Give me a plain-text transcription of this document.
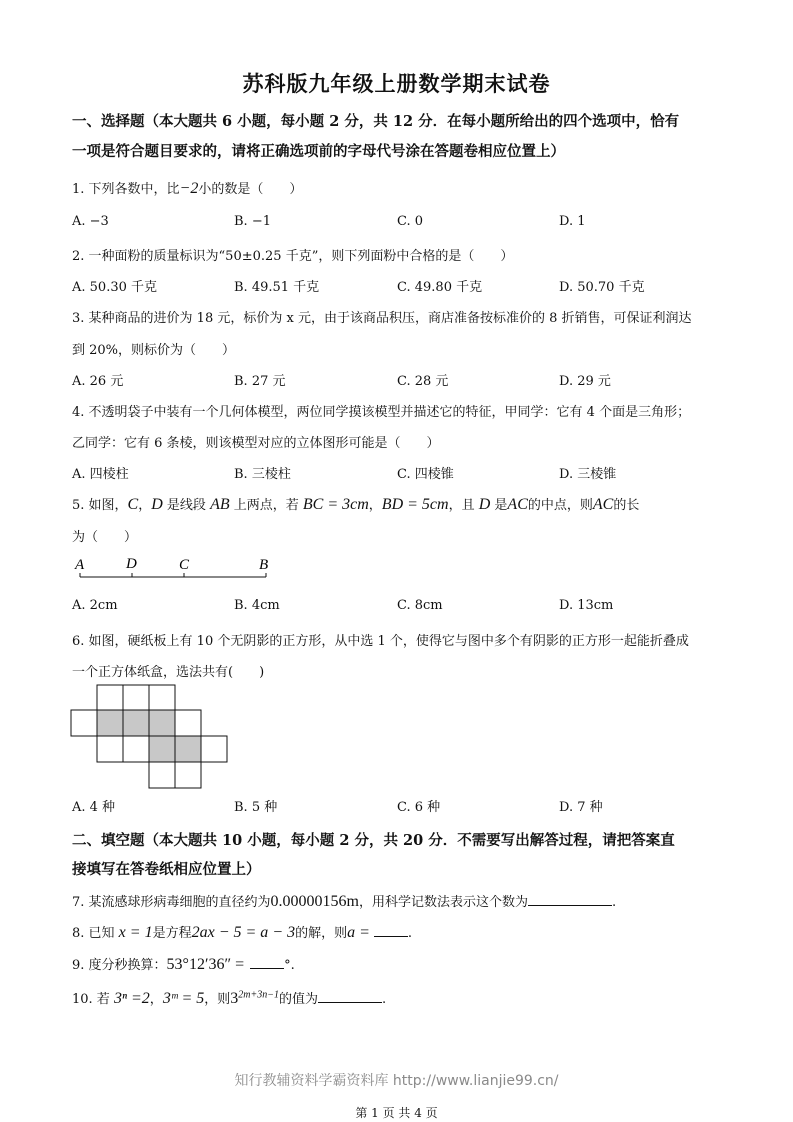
苏科版九年级上册数学期末试卷
一、选择题（本大题共 6 小题，每小题 2 分，共 12 分．在每小题所给出的四个选项中，恰有
一项是符合题目要求的，请将正确选项前的字母代号涂在答题卷相应位置上）
1. 下列各数中，比−2小的数是（　　）
A. −3	B. −1	C. 0	D. 1
2. 一种面粉的质量标识为“50±0.25 千克”，则下列面粉中合格的是（　　）
A. 50.30 千克	B. 49.51 千克	C. 49.80 千克	D. 50.70 千克
3. 某种商品的进价为 18 元，标价为 x 元，由于该商品积压，商店准备按标准价的 8 折销售，可保证利润达
到 20%，则标价为（　　）
A. 26 元	B. 27 元	C. 28 元	D. 29 元
4. 不透明袋子中装有一个几何体模型，两位同学摸该模型并描述它的特征，甲同学：它有 4 个面是三角形；
乙同学：它有 6 条棱，则该模型对应的立体图形可能是（　　）
A. 四棱柱	B. 三棱柱	C. 四棱锥	D. 三棱锥
5. 如图，C，D 是线段 AB 上两点，若 BC = 3cm，BD = 5cm，且 D 是AC的中点，则AC的长
为（　　）
A	D	C	B
A. 2cm	B. 4cm	C. 8cm	D. 13cm
6. 如图，硬纸板上有 10 个无阴影的正方形，从中选 1 个，使得它与图中多个有阴影的正方形一起能折叠成
一个正方体纸盒，选法共有(　　)
A. 4 种	B. 5 种	C. 6 种	D. 7 种
二、填空题（本大题共 10 小题，每小题 2 分，共 20 分．不需要写出解答过程，请把答案直
接填写在答卷纸相应位置上）
7. 某流感球形病毒细胞的直径约为0.00000156m，用科学记数法表示这个数为	.
8. 已知 x = 1是方程2ax − 5 = a − 3的解，则a =	.
9. 度分秒换算：53°12′36″ =	°.
10. 若 3ⁿ =2，3ᵐ = 5，则$3^{2m+3n-1}$的值为	.
知行教辅资料学霸资料库 http://www.lianjie99.cn/
第 1 页 共 4 页
